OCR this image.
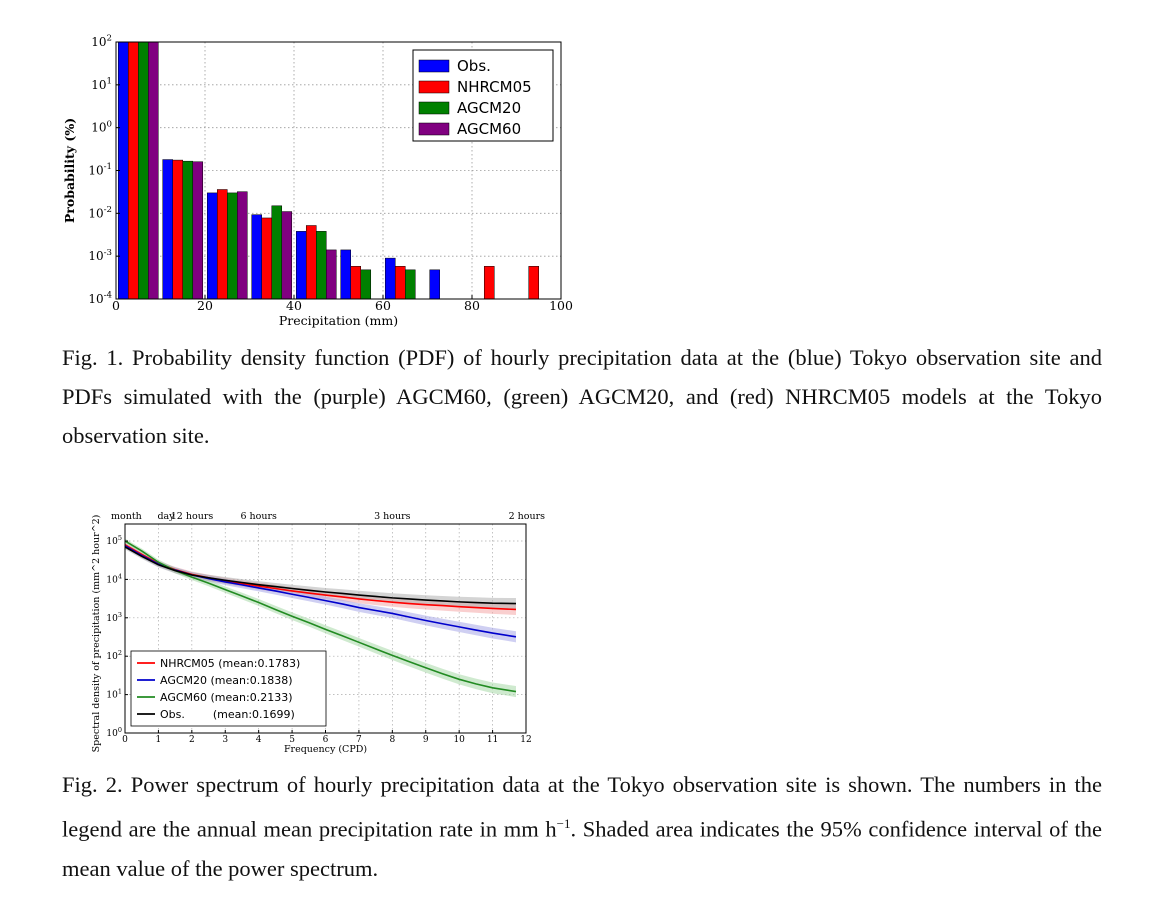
0	20	40	60	80	100
$10^2$
$10^1$
$10^0$
$10^{-1}$
$10^{-2}$
$10^{-3}$
$10^{-4}$
Precipitation (mm)
Probability (%)
Obs.
NHRCM05
AGCM20
AGCM60
0	1	2	3	4	5	6	7	8	9	10 11 12
$10^5$
$10^4$
$10^3$
$10^2$
$10^1$
$10^0$
month day
12 hours	6 hours	3 hours	2 hours
Frequency (CPD)
Spectral density of precipitation (mm^2 hour^2)	NHRCM05 (mean:0.1783)
AGCM20 (mean:0.1838)
AGCM60 (mean:0.2133)
Obs.        (mean:0.1699)
Fig. 1. Probability density function (PDF) of hourly precipitation data at the (blue) Tokyo observation site and PDFs simulated with the (purple) AGCM60, (green) AGCM20, and (red) NHRCM05 models at the Tokyo observation site.
Fig. 2. Power spectrum of hourly precipitation data at the Tokyo observation site is shown. The numbers in the legend are the annual mean precipitation rate in mm $h^{-1}$. Shaded area indicates the 95% confidence interval of the mean value of the power spectrum.
